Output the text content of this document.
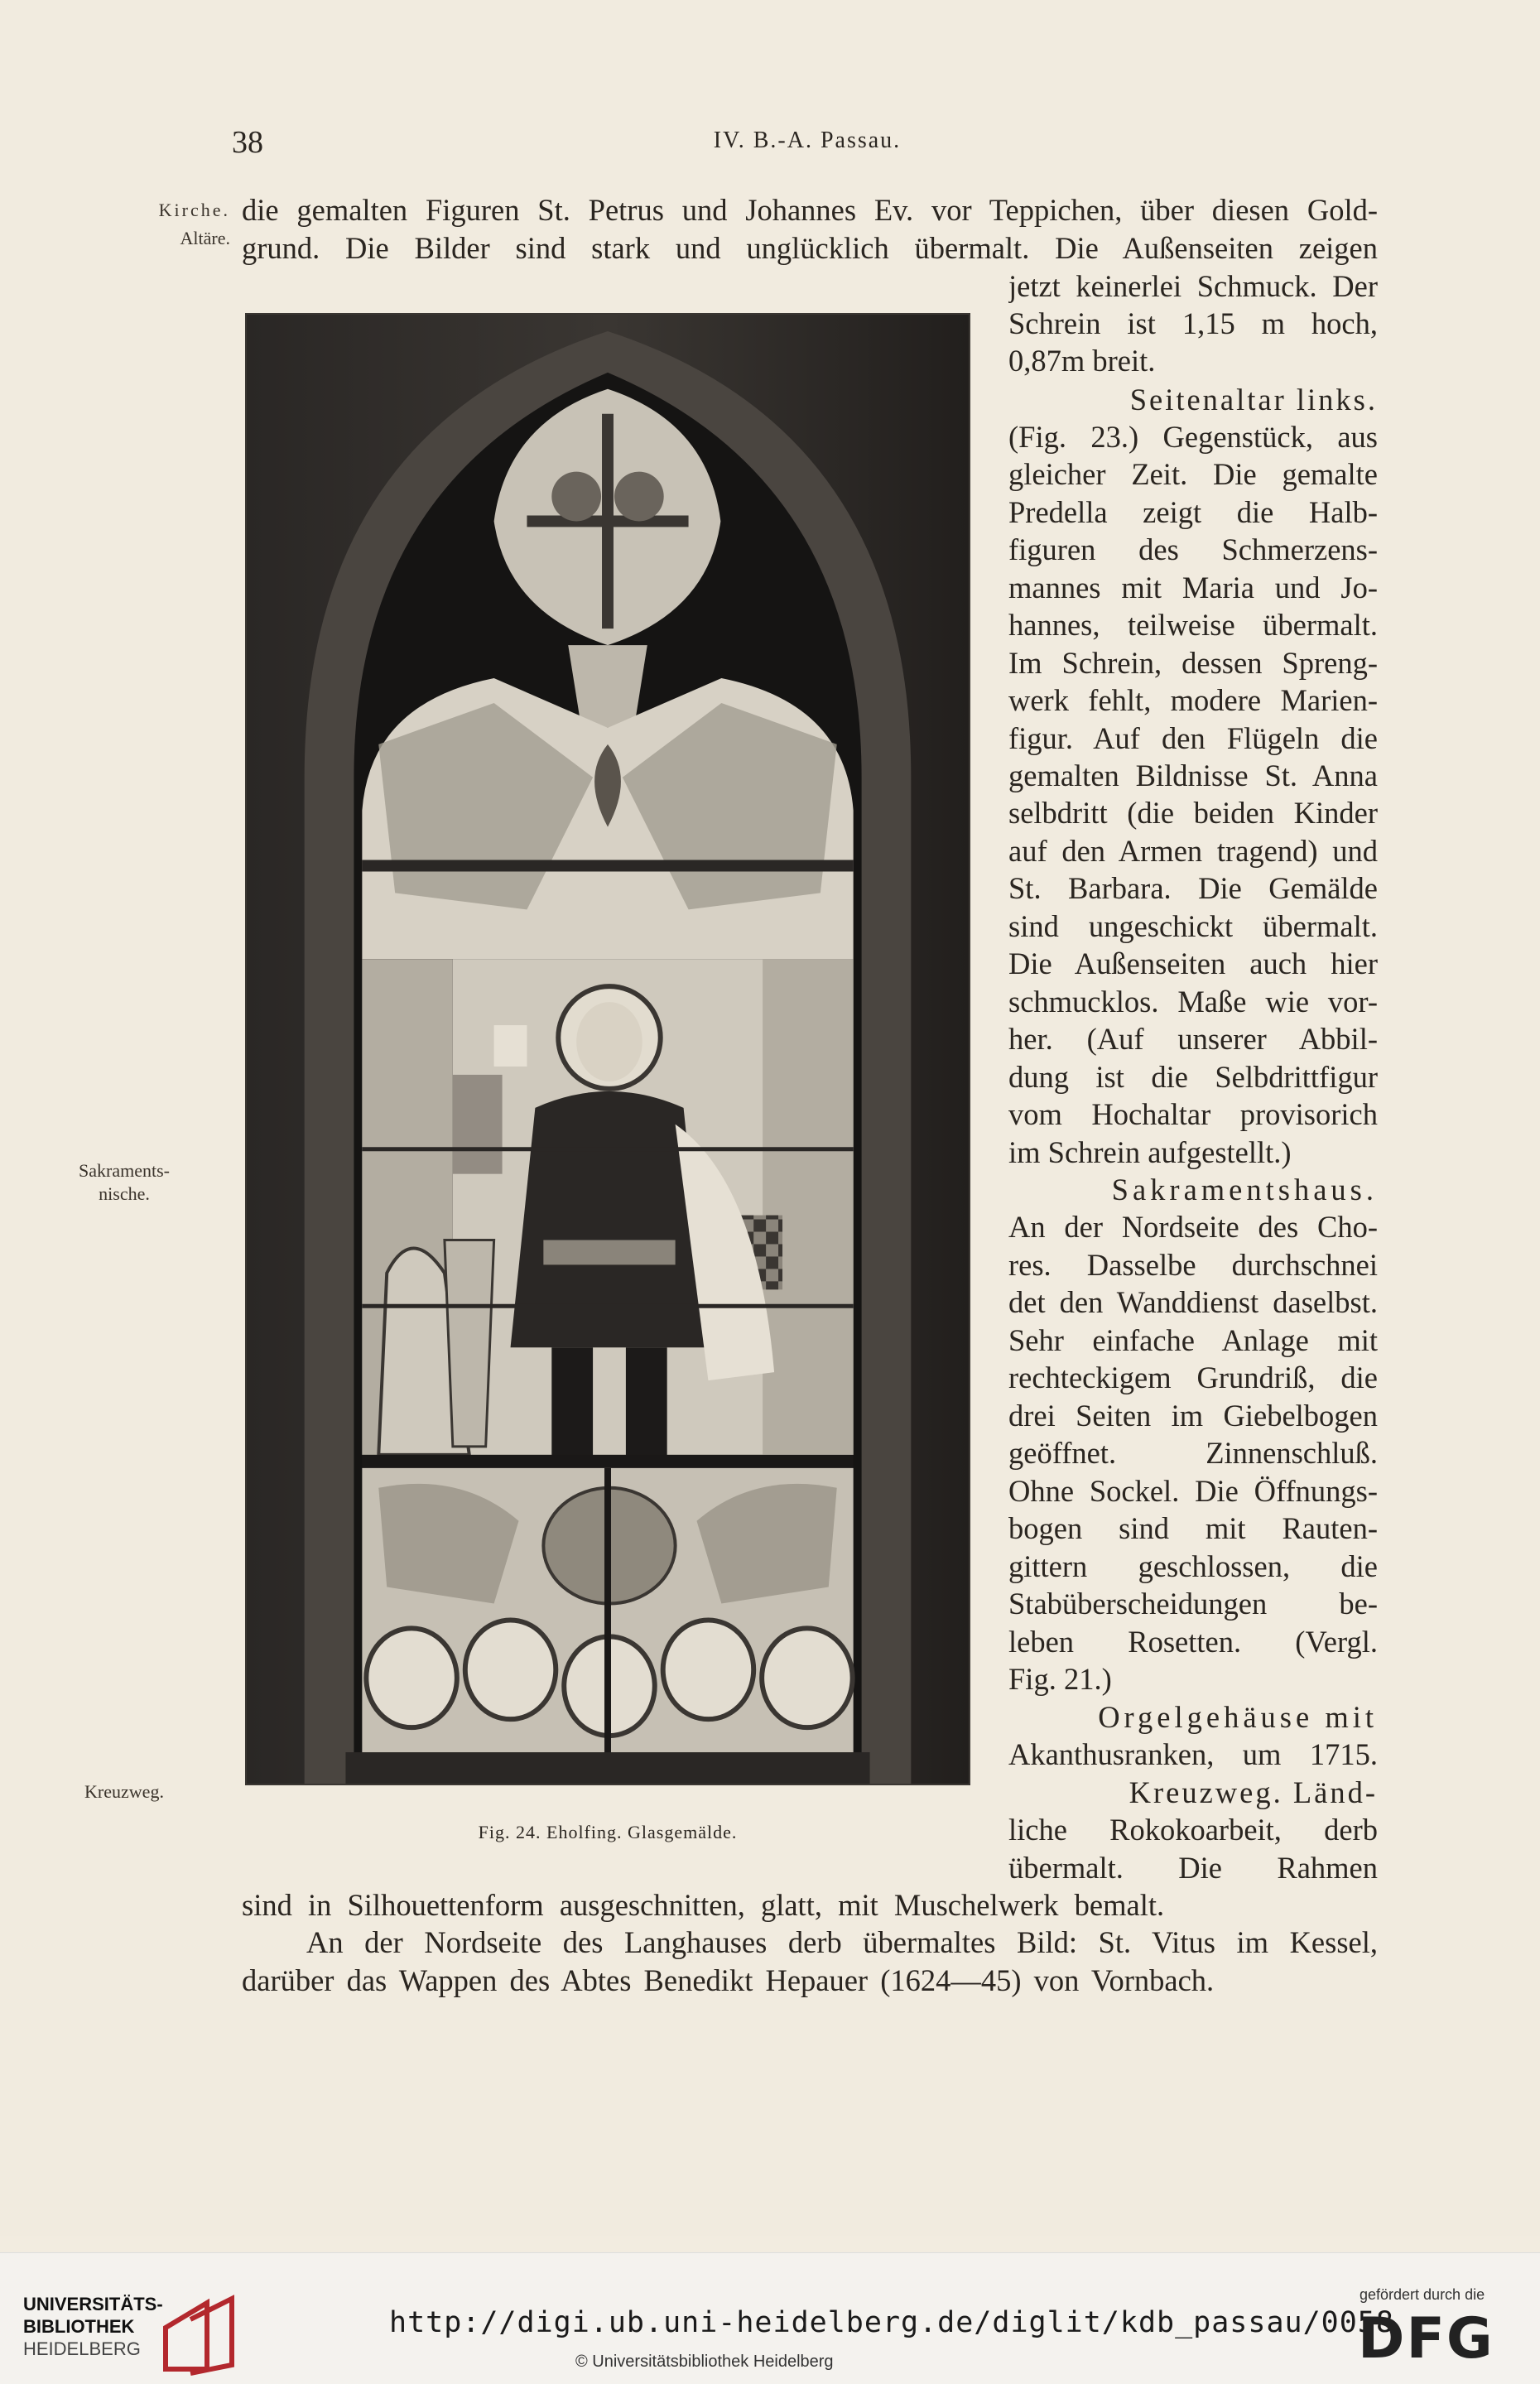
38	IV. B.-A. Passau.
Kirche.
Altäre.
Sakraments-
nische.
Kreuzweg.
die gemalten Figuren St. Petrus und Johannes Ev. vor Teppichen, über diesen Gold-
grund. Die Bilder sind stark und unglücklich übermalt. Die Außenseiten zeigen
jetzt keinerlei Schmuck. Der
Schrein ist 1,15 m hoch,
0,87m breit.
Seitenaltar links.
(Fig. 23.) Gegenstück, aus
gleicher Zeit. Die gemalte
Predella zeigt die Halb-
figuren des Schmerzens-
mannes mit Maria und Jo-
hannes, teilweise übermalt.
Im Schrein, dessen Spreng-
werk fehlt, modere Marien-
figur. Auf den Flügeln die
gemalten Bildnisse St. Anna
selbdritt (die beiden Kinder
auf den Armen tragend) und
St. Barbara. Die Gemälde
sind ungeschickt übermalt.
Die Außenseiten auch hier
schmucklos. Maße wie vor-
her. (Auf unserer Abbil-
dung ist die Selbdrittfigur
vom Hochaltar provisorich
im Schrein aufgestellt.)
Sakramentshaus.
An der Nordseite des Cho-
res. Dasselbe durchschnei
det den Wanddienst daselbst.
Sehr einfache Anlage mit
rechteckigem Grundriß, die
drei Seiten im Giebelbogen
geöffnet. Zinnenschluß.
Ohne Sockel. Die Öffnungs-
bogen sind mit Rauten-
gittern geschlossen, die
Stabüberscheidungen be-
leben Rosetten. (Vergl.
Fig. 21.)
Orgelgehäuse mit
Akanthusranken, um 1715.
Kreuzweg. Länd-
liche Rokokoarbeit, derb
übermalt. Die Rahmen
sind in Silhouettenform ausgeschnitten, glatt, mit Muschelwerk bemalt.
An der Nordseite des Langhauses derb übermaltes Bild: St. Vitus im Kessel,
darüber das Wappen des Abtes Benedikt Hepauer (1624—45) von Vornbach.
Fig. 24. Eholfing. Glasgemälde.
UNIVERSITÄTS-
BIBLIOTHEK
HEIDELBERG
http://digi.ub.uni-heidelberg.de/diglit/kdb_passau/0058
© Universitätsbibliothek Heidelberg
gefördert durch die
DFG
